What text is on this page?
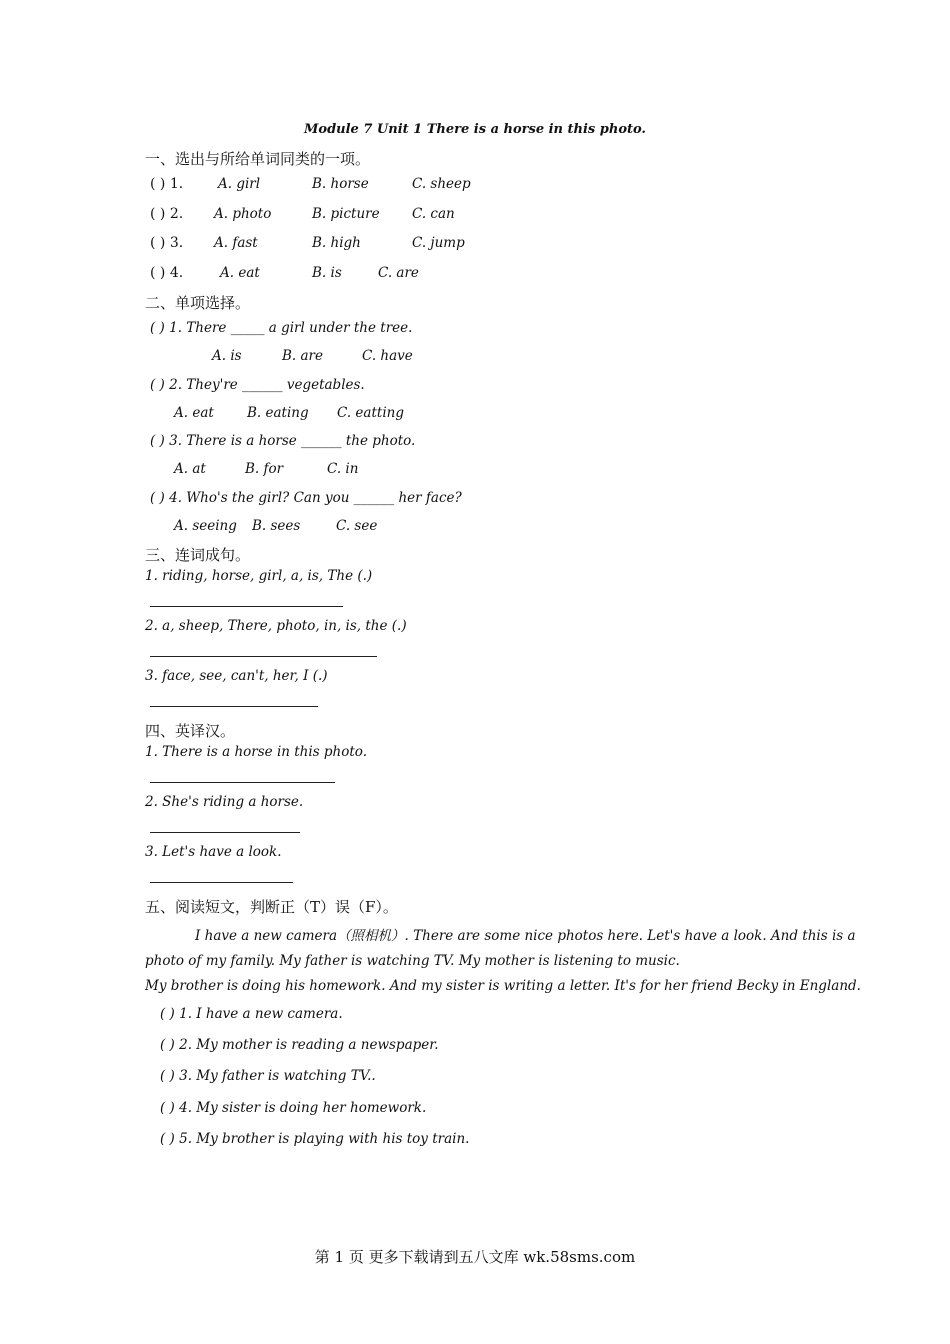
Module 7 Unit 1 There is a horse in this photo.
一、选出与所给单词同类的一项。
( ) 1.	A. girl	B. horse	C. sheep
( ) 2. A. photo	B. picture C. can
( ) 3. A. fast	B. high	C. jump
( ) 4.	A. eat	B. is	C. are
二、单项选择。
( ) 1. There _____ a girl under the tree.
A. is	B. are	C. have
( ) 2. They're ______ vegetables.
A. eat B. eating C. eatting
( ) 3. There is a horse ______ the photo.
A. at	B. for	C. in
( ) 4. Who's the girl? Can you ______ her face?
A. seeing B. sees	C. see
三、连词成句。
1. riding, horse, girl, a, is, The (.)
2. a, sheep, There, photo, in, is, the (.)
3. face, see, can't, her, I (.)
四、英译汉。
1. There is a horse in this photo.
2. She's riding a horse.
3. Let's have a look.
五、阅读短文，判断正（T）误（F）。
I have a new camera（照相机）. There are some nice photos here. Let's have a look. And this is a
photo of my family. My father is watching TV. My mother is listening to music.
My brother is doing his homework. And my sister is writing a letter. It's for her friend Becky in England.
( ) 1. I have a new camera.
( ) 2. My mother is reading a newspaper.
( ) 3. My father is watching TV..
( ) 4. My sister is doing her homework.
( ) 5. My brother is playing with his toy train.
第 1 页 更多下载请到五八文库 wk.58sms.com
